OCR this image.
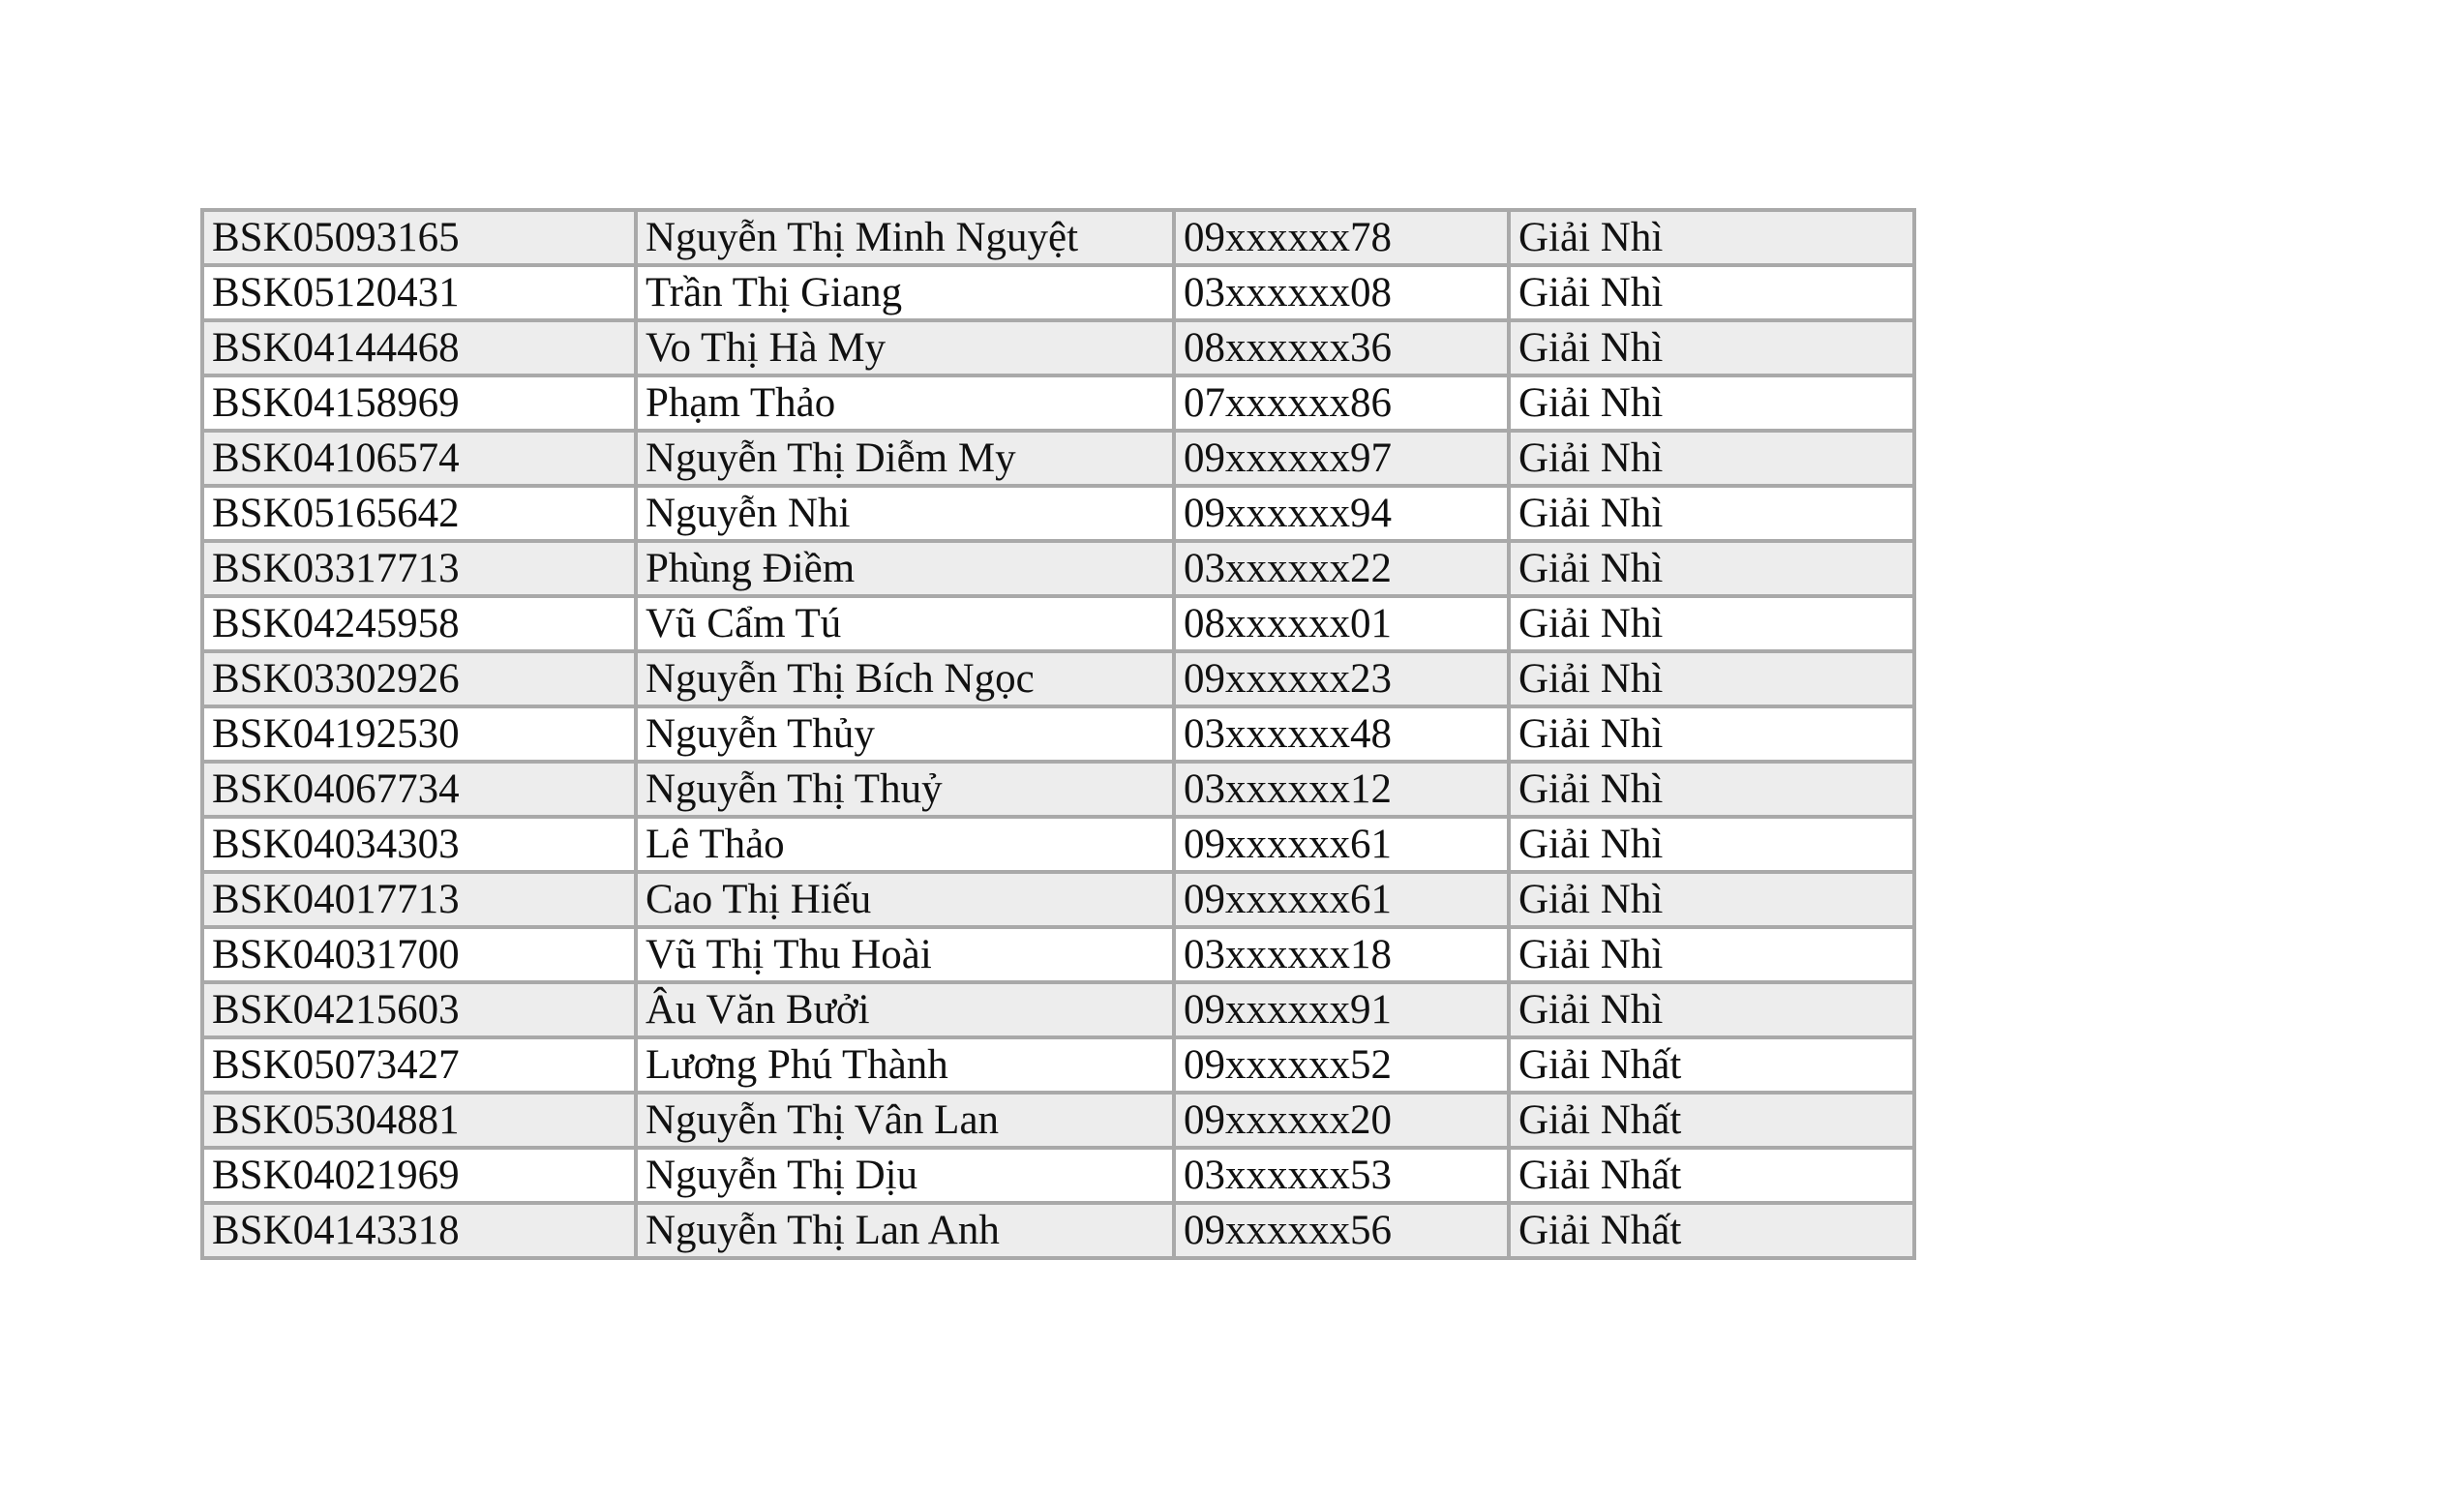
BSK05093165	Nguyễn Thị Minh Nguyệt	09xxxxxx78	Giải Nhì
BSK05120431	Trần Thị Giang	03xxxxxx08	Giải Nhì
BSK04144468	Vo Thị Hà My	08xxxxxx36	Giải Nhì
BSK04158969	Phạm Thảo	07xxxxxx86	Giải Nhì
BSK04106574	Nguyễn Thị Diễm My	09xxxxxx97	Giải Nhì
BSK05165642	Nguyễn Nhi	09xxxxxx94	Giải Nhì
BSK03317713	Phùng Điềm	03xxxxxx22	Giải Nhì
BSK04245958	Vũ Cẩm Tú	08xxxxxx01	Giải Nhì
BSK03302926	Nguyễn Thị Bích Ngọc	09xxxxxx23	Giải Nhì
BSK04192530	Nguyễn Thủy	03xxxxxx48	Giải Nhì
BSK04067734	Nguyễn Thị Thuỷ	03xxxxxx12	Giải Nhì
BSK04034303	Lê Thảo	09xxxxxx61	Giải Nhì
BSK04017713	Cao Thị Hiếu	09xxxxxx61	Giải Nhì
BSK04031700	Vũ Thị Thu Hoài	03xxxxxx18	Giải Nhì
BSK04215603	Âu Văn Bưởi	09xxxxxx91	Giải Nhì
BSK05073427	Lương Phú Thành	09xxxxxx52	Giải Nhất
BSK05304881	Nguyễn Thị Vân Lan	09xxxxxx20	Giải Nhất
BSK04021969	Nguyễn Thị Dịu	03xxxxxx53	Giải Nhất
BSK04143318	Nguyễn Thị Lan Anh	09xxxxxx56	Giải Nhất
